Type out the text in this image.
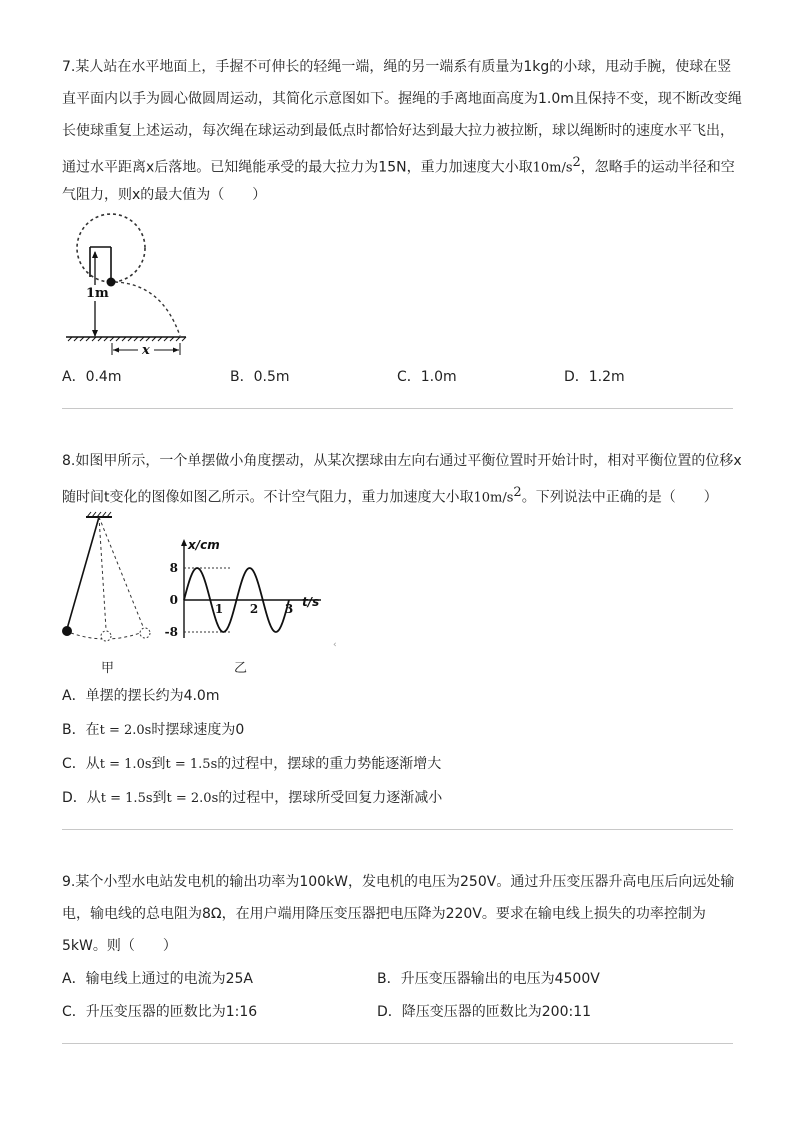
7.某人站在水平地面上，手握不可伸长的轻绳一端，绳的另一端系有质量为1kg的小球，甩动手腕，使球在竖
直平面内以手为圆心做圆周运动，其简化示意图如下。握绳的手离地面高度为1.0m且保持不变，现不断改变绳
长使球重复上述运动，每次绳在球运动到最低点时都恰好达到最大拉力被拉断，球以绳断时的速度水平飞出，
通过水平距离x后落地。已知绳能承受的最大拉力为15N，重力加速度大小取$10m/s^2$，忽略手的运动半径和空
气阻力，则x的最大值为（　　）
1m
x
A．0.4m	B．0.5m	C．1.0m	D．1.2m
8.如图甲所示，一个单摆做小角度摆动，从某次摆球由左向右通过平衡位置时开始计时，相对平衡位置的位移x
随时间t变化的图像如图乙所示。不计空气阻力，重力加速度大小取$10m/s^2$。下列说法中正确的是（　　）
x/cm
t/s
8
0
-8
1 2 3
‹
甲	乙
A．单摆的摆长约为4.0m
B．在t = 2.0s时摆球速度为0
C．从t = 1.0s到t = 1.5s的过程中，摆球的重力势能逐渐增大
D．从t = 1.5s到t = 2.0s的过程中，摆球所受回复力逐渐减小
9.某个小型水电站发电机的输出功率为100kW，发电机的电压为250V。通过升压变压器升高电压后向远处输
电，输电线的总电阻为8Ω，在用户端用降压变压器把电压降为220V。要求在输电线上损失的功率控制为
5kW。则（　　）
A．输电线上通过的电流为25A	B．升压变压器输出的电压为4500V
C．升压变压器的匝数比为1:16	D．降压变压器的匝数比为200:11
